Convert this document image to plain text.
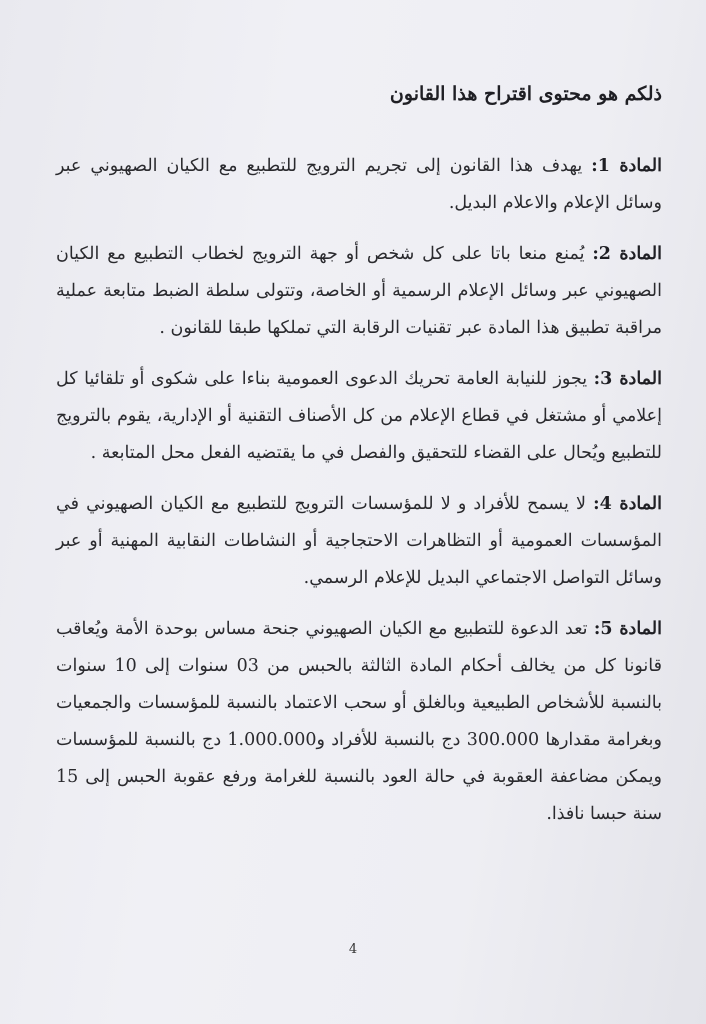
ذلكم هو محتوى اقتراح هذا القانون

المادة 1: يهدف هذا القانون إلى تجريم الترويج للتطبيع مع الكيان الصهيوني عبر وسائل الإعلام والاعلام البديل.

المادة 2: يُمنع منعا باتا على كل شخص أو جهة الترويج لخطاب التطبيع مع الكيان الصهيوني عبر وسائل الإعلام الرسمية أو الخاصة، وتتولى سلطة الضبط متابعة عملية مراقبة تطبيق هذا المادة عبر تقنيات الرقابة التي تملكها طبقا للقانون .

المادة 3: يجوز للنيابة العامة تحريك الدعوى العمومية بناءا على شكوى أو تلقائيا كل إعلامي أو مشتغل في قطاع الإعلام من كل الأصناف التقنية أو الإدارية، يقوم بالترويج للتطبيع ويُحال على القضاء للتحقيق والفصل في ما يقتضيه الفعل محل المتابعة .

المادة 4: لا يسمح للأفراد و لا للمؤسسات الترويج للتطبيع مع الكيان الصهيوني في المؤسسات العمومية أو التظاهرات الاحتجاجية أو النشاطات النقابية المهنية أو عبر وسائل التواصل الاجتماعي البديل للإعلام الرسمي.

المادة 5: تعد الدعوة للتطبيع مع الكيان الصهيوني جنحة مساس بوحدة الأمة ويُعاقب قانونا كل من يخالف أحكام المادة الثالثة بالحبس من 03 سنوات إلى 10 سنوات بالنسبة للأشخاص الطبيعية وبالغلق أو سحب الاعتماد بالنسبة للمؤسسات والجمعيات وبغرامة مقدارها 300.000 دج بالنسبة للأفراد و1.000.000 دج بالنسبة للمؤسسات ويمكن مضاعفة العقوبة في حالة العود بالنسبة للغرامة ورفع عقوبة الحبس إلى 15 سنة حبسا نافذا.

4
